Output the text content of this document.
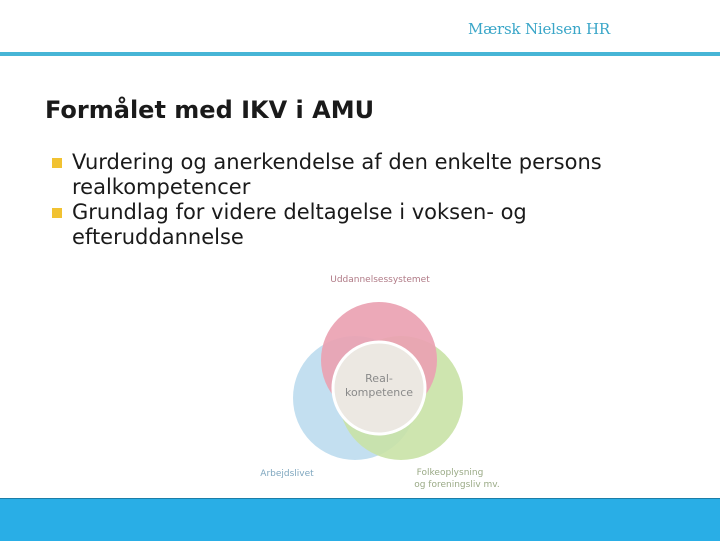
Mærsk Nielsen HR
Formålet med IKV i AMU
Vurdering og anerkendelse af den enkelte persons realkompetencer
Grundlag for videre deltagelse i voksen- og efteruddannelse
Uddannelsessystemet
Real-
kompetence
Arbejdslivet	Folkeoplysning
og foreningsliv mv.
